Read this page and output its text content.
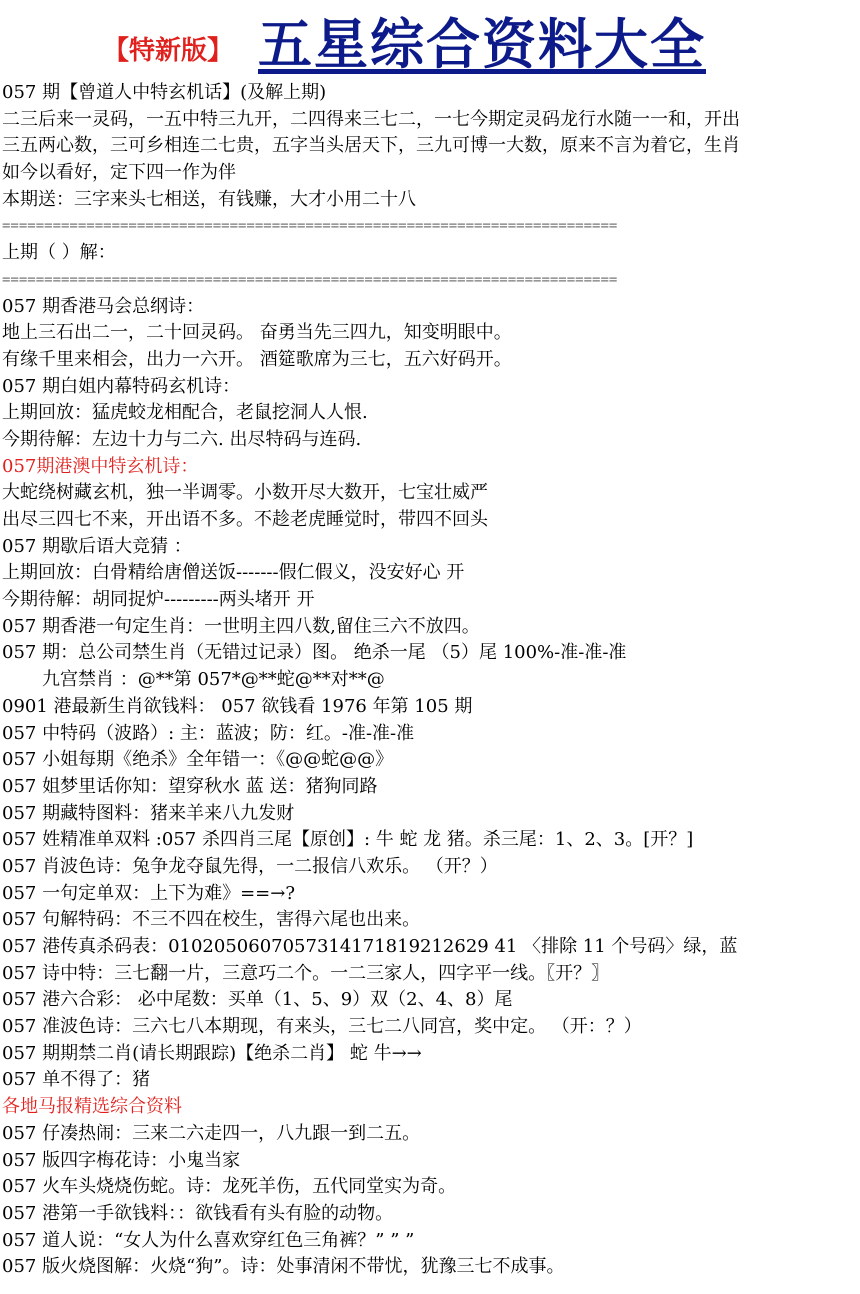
【特新版】 五星综合资料大全
057 期【曾道人中特玄机话】(及解上期)
二三后来一灵码，一五中特三九开，二四得来三七二，一七今期定灵码龙行水随一一和，开出
三五两心数，三可乡相连二七贵，五字当头居天下，三九可博一大数，原来不言为着它，生肖
如今以看好，定下四一作为伴
本期送：三字来头七相送，有钱赚，大才小用二十八
=========================================================================
上期（ ）解：
=========================================================================
057 期香港马会总纲诗：
地上三石出二一，二十回灵码。 奋勇当先三四九，知变明眼中。
有缘千里来相会，出力一六开。 酒筵歌席为三七，五六好码开。
057 期白姐内幕特码玄机诗：
上期回放：猛虎蛟龙相配合，老鼠挖洞人人恨.
今期待解：左边十力与二六. 出尽特码与连码.
057期港澳中特玄机诗：
大蛇绕树藏玄机，独一半调零。小数开尽大数开，七宝壮威严
出尽三四七不来，开出语不多。不趁老虎睡觉时，带四不回头
057 期歇后语大竞猜 ：
上期回放：白骨精给唐僧送饭-------假仁假义，没安好心 开
今期待解：胡同捉炉---------两头堵开 开
057 期香港一句定生肖：一世明主四八数,留住三六不放四。
057 期：总公司禁生肖（无错过记录）图。 绝杀一尾 （5）尾 100%-准-准-准
九宫禁肖 ：@**第 057*@**蛇@**对**@
0901 港最新生肖欲钱料： 057 欲钱看 1976 年第 105 期
057 中特码（波路）: 主：蓝波；防：红。-准-准-准
057 小姐每期《绝杀》全年错一：《@@蛇@@》
057 姐梦里话你知：望穿秋水 蓝 送：猪狗同路
057 期藏特图料：猪来羊来八九发财
057 姓精准单双料 :057 杀四肖三尾【原创】: 牛 蛇 龙 猪。杀三尾：1、2、3。[开？]
057 肖波色诗：兔争龙夺鼠先得，一二报信八欢乐。 （开？）
057 一句定单双：上下为难》==→?
057 句解特码：不三不四在校生，害得六尾也出来。
057 港传真杀码表：0102050607057314171819212629 41 〈排除 11 个号码〉绿，蓝
057 诗中特：三七翻一片，三意巧二个。一二三家人，四字平一线。〖开？〗
057 港六合彩： 必中尾数：买单（1、5、9）双（2、4、8）尾
057 准波色诗：三六七八本期现，有来头，三七二八同宫，奖中定。 （开：？）
057 期期禁二肖(请长期跟踪)【绝杀二肖】 蛇 牛→→
057 单不得了：猪
各地马报精选综合资料
057 仔凑热闹：三来二六走四一，八九跟一到二五。
057 版四字梅花诗：小鬼当家
057 火车头烧烧伤蛇。诗：龙死羊伤，五代同堂实为奇。
057 港第一手欲钱料：：欲钱看有头有脸的动物。
057 道人说：“女人为什么喜欢穿红色三角裤？” ” ”
057 版火烧图解：火烧“狗”。诗：处事清闲不带忧，犹豫三七不成事。
